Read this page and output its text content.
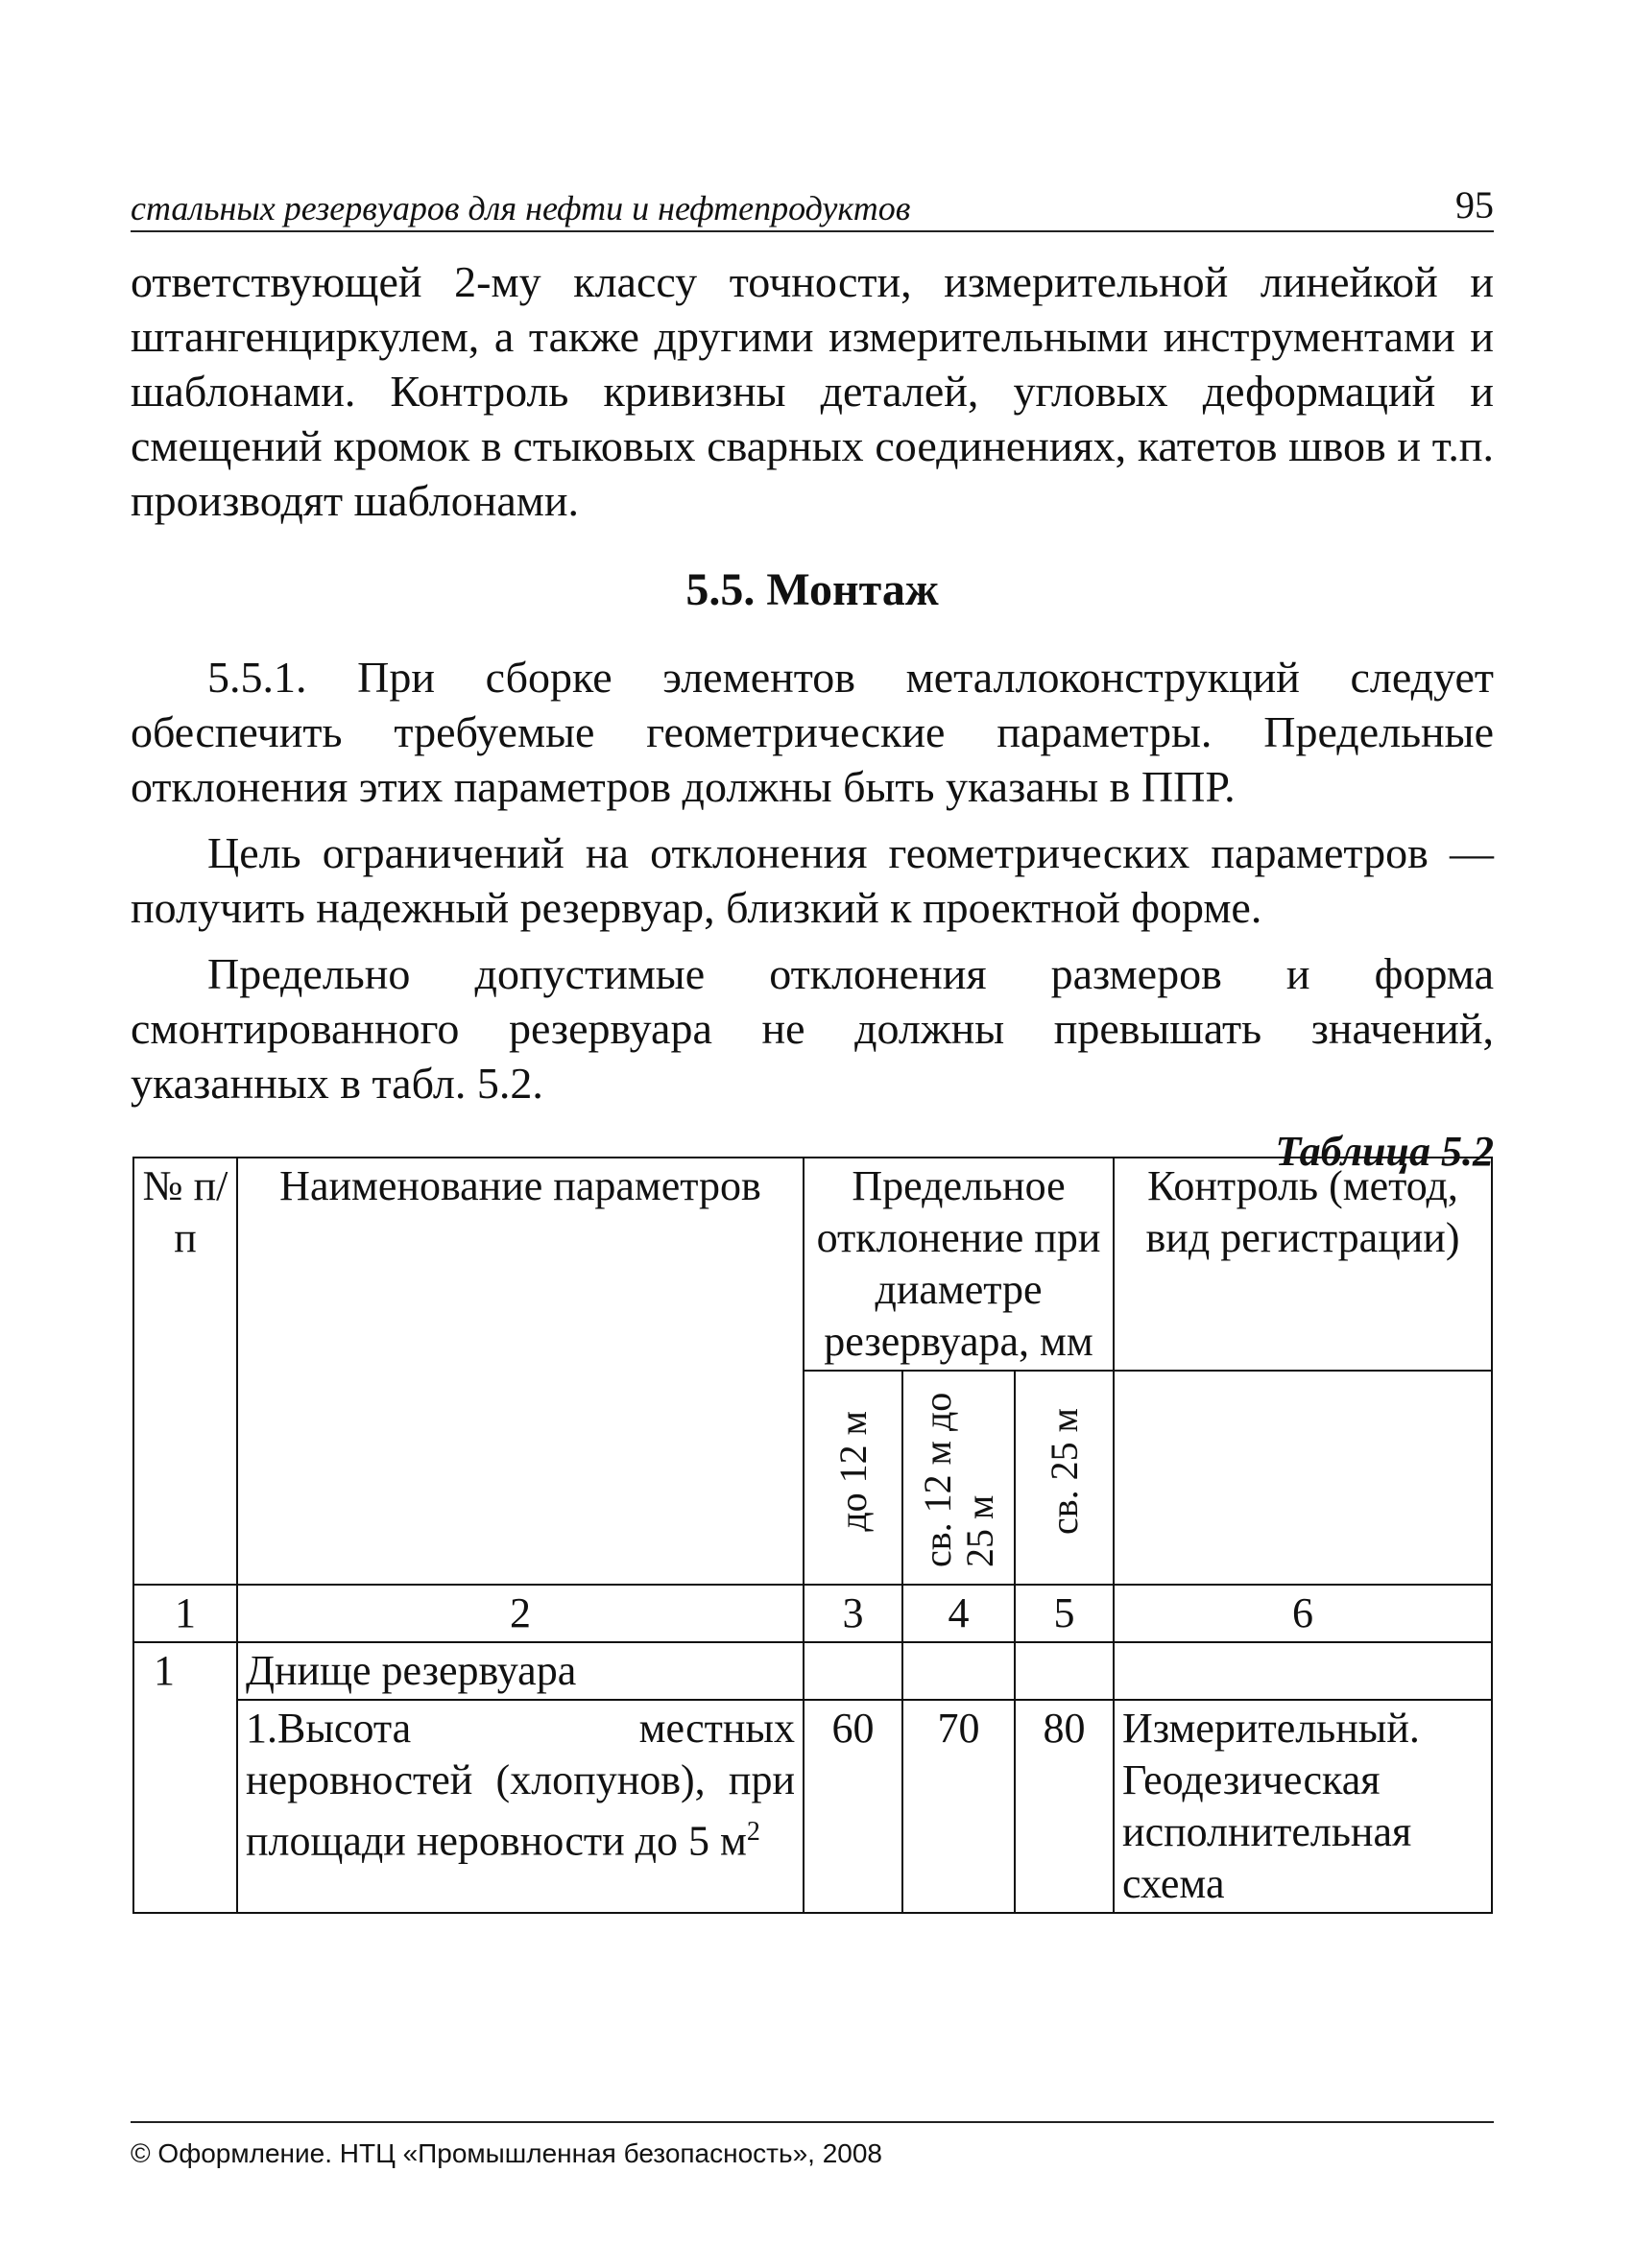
стальных резервуаров для нефти и нефтепродуктов	95

ответствующей 2-му классу точности, измерительной линейкой и штангенциркулем, а также другими измерительными инструментами и шаблонами. Контроль кривизны деталей, угловых деформаций и смещений кромок в стыковых сварных соединениях, катетов швов и т.п. производят шаблонами.

5.5. Монтаж

5.5.1. При сборке элементов металлоконструкций следует обеспечить требуемые геометрические параметры. Предельные отклонения этих параметров должны быть указаны в ППР.

Цель ограничений на отклонения геометрических параметров — получить надежный резервуар, близкий к проектной форме.

Предельно допустимые отклонения размеров и форма смонтированного резервуара не должны превышать значений, указанных в табл. 5.2.

Таблица 5.2
№ п/п	Наименование параметров	Предельное отклонение при диаметре резервуара, мм			Контроль (метод, вид регистрации)
		до 12 м	св. 12 м до 25 м	св. 25 м	
1	2	3	4	5	6
1	Днище резервуара				
	1.Высота местных неровностей (хлопунов), при площади неровности до 5 $м^2$	60	70	80	Измерительный. Геодезическая исполнительная схема
© Оформление. НТЦ «Промышленная безопасность», 2008
